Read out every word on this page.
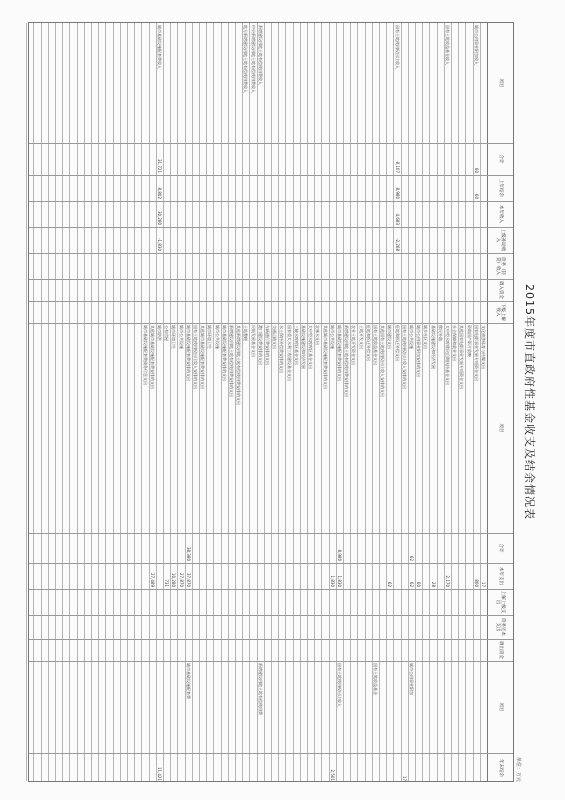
2015年度市直政府性基金收支及结余情况表
单位：万元
项目
合计
上年结余
本年收入
上级补助收入
债务（转贷）收入
调入资金
下级上解收入
项目
合计
本年支出
上解上级支出
债务还本支出
调出资金
项目
年末结余
城市公用事业附加收入
60
60
国有土地收益基金收入
国有土地使用权出让收入
8,107
8,980
4,683
-2,268
新增建设用地土地有偿使用费收入
中央新增建设用地土地有偿使用费收入
地方新增建设用地土地有偿使用费收入
城市基础设施配套费收入
31,721
8,802
30,280
-1,830
文化旅游体育与传媒支出
17
国家电影事业发展专项资金支出
800
资助国产影片放映
其他国家电影事业发展专项资金支出
社会保障和就业支出
大中型水库移民后期扶持基金支出
2,170
移民补助
基础设施建设和经济发展
28
城乡社区支出
城市公用事业附加安排的支出
60
城市公共设施
62
62
城市公用事业附加
国有土地使用权出让收入安排的支出
17
征地和拆迁补偿支出
城市建设支出
62
其他国有土地使用权出让收入安排的支出
国有土地收益基金支出
国有土地收益基金
征地和拆迁补偿支出
土地开发支出
农业土地开发资金支出
新增建设用地土地有偿使用费安排的支出
城市基础设施配套费安排的支出
8,980
1,830
国有土地使用权出让收入
城市公共设施
1,830
2,501
其他城市基础设施配套费安排的支出
农林水支出
大中型水库库区基金支出
基础设施建设和经济发展
三峡水库库区基金支出
国家重大水利工程建设基金支出
水土保持补偿费安排的支出
交通运输支出
车辆通行费安排的支出
港口建设费安排的支出
新增建设用地土地有偿使用费
民航发展基金支出
土地整理
其他新增建设用地土地有偿使用费安排的支出
新增建设用地土地有偿使用费安排的支出
城市基础设施配套费安排的支出
城市公共设施
城市环境卫生
其他城市基础设施配套费安排的支出
国有土地使用权出让收入安排的支出
城市基础设施配套费安排的支出
38,380
37,870
城市基础设施配套费
城市公共设施
27,870
城市环境卫生
10,280
公有房屋
731
城市防洪
11,421
其他城市基础设施配套费安排的支出
27,489
城市基础设施配套费债务付息支出
